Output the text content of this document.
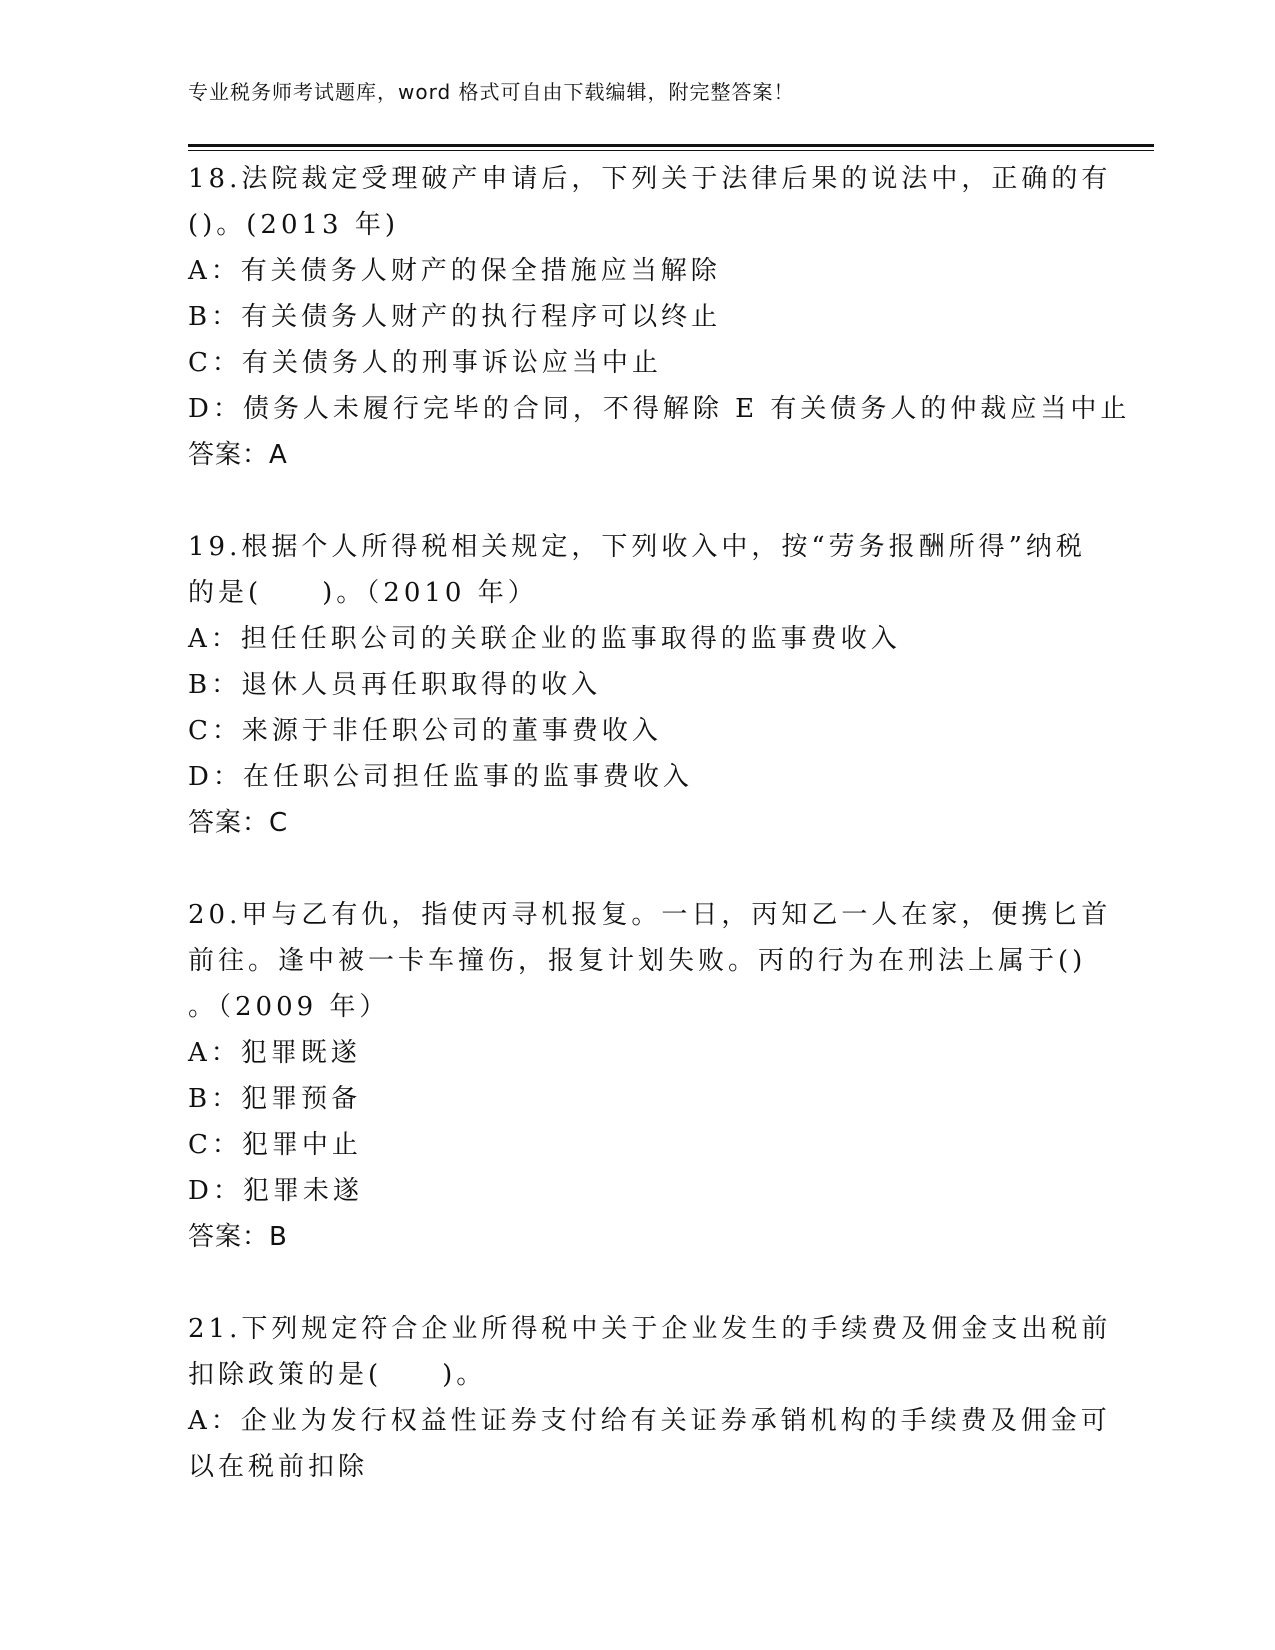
专业税务师考试题库，word 格式可自由下载编辑，附完整答案！
18.法院裁定受理破产申请后，下列关于法律后果的说法中，正确的有
()。(2013 年)
A：有关债务人财产的保全措施应当解除
B：有关债务人财产的执行程序可以终止
C：有关债务人的刑事诉讼应当中止
D：债务人未履行完毕的合同，不得解除 E 有关债务人的仲裁应当中止
答案：A
19.根据个人所得税相关规定，下列收入中，按“劳务报酬所得”纳税
的是(　　)。（2010 年）
A：担任任职公司的关联企业的监事取得的监事费收入
B：退休人员再任职取得的收入
C：来源于非任职公司的董事费收入
D：在任职公司担任监事的监事费收入
答案：C
20.甲与乙有仇，指使丙寻机报复。一日，丙知乙一人在家，便携匕首
前往。逢中被一卡车撞伤，报复计划失败。丙的行为在刑法上属于()
。（2009 年）
A：犯罪既遂
B：犯罪预备
C：犯罪中止
D：犯罪未遂
答案：B
21.下列规定符合企业所得税中关于企业发生的手续费及佣金支出税前
扣除政策的是(　　)。
A：企业为发行权益性证券支付给有关证券承销机构的手续费及佣金可
以在税前扣除
